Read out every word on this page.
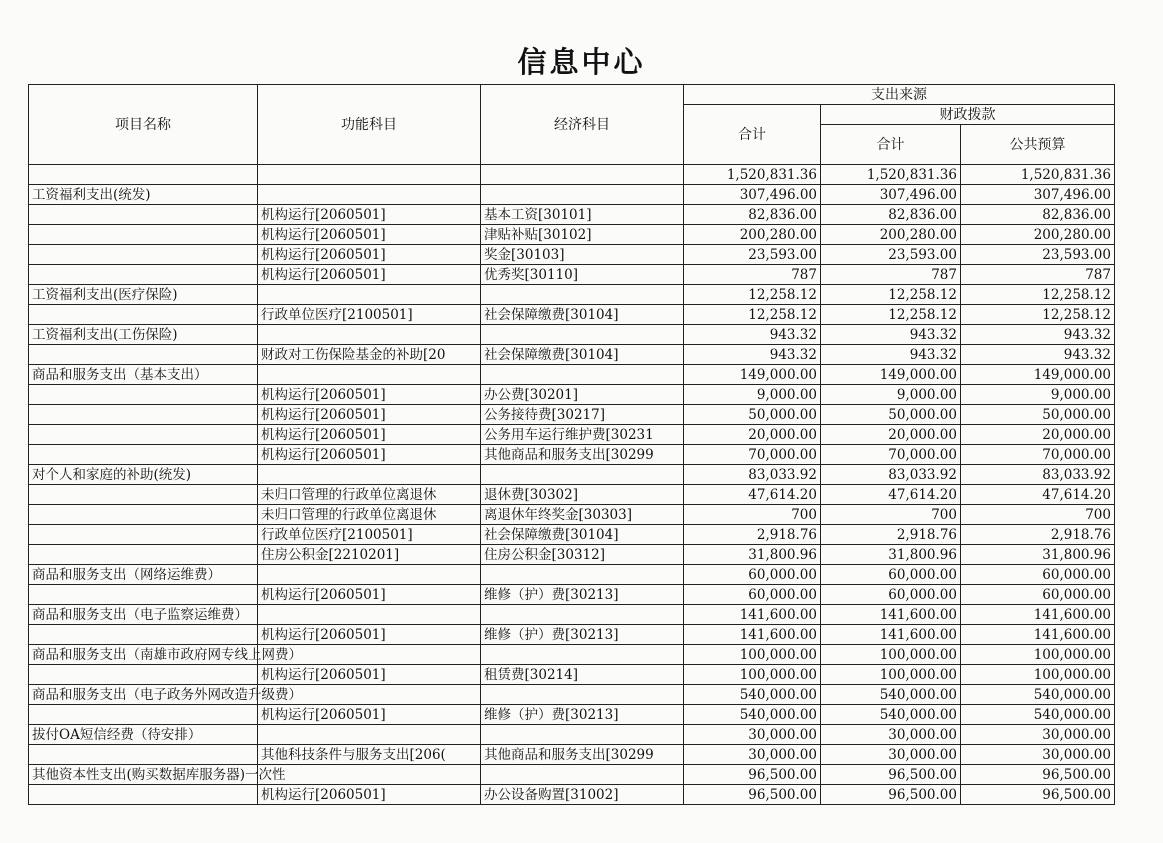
信息中心
项目名称	功能科目	经济科目	支出来源		
			合计	财政拨款	
				合计	公共预算
			1,520,831.36	1,520,831.36	1,520,831.36
工资福利支出(统发)			307,496.00	307,496.00	307,496.00
	机构运行[2060501]	基本工资[30101]	82,836.00	82,836.00	82,836.00
	机构运行[2060501]	津贴补贴[30102]	200,280.00	200,280.00	200,280.00
	机构运行[2060501]	奖金[30103]	23,593.00	23,593.00	23,593.00
	机构运行[2060501]	优秀奖[30110]	787	787	787
工资福利支出(医疗保险)			12,258.12	12,258.12	12,258.12
	行政单位医疗[2100501]	社会保障缴费[30104]	12,258.12	12,258.12	12,258.12
工资福利支出(工伤保险)			943.32	943.32	943.32
	财政对工伤保险基金的补助[20	社会保障缴费[30104]	943.32	943.32	943.32
商品和服务支出（基本支出）			149,000.00	149,000.00	149,000.00
	机构运行[2060501]	办公费[30201]	9,000.00	9,000.00	9,000.00
	机构运行[2060501]	公务接待费[30217]	50,000.00	50,000.00	50,000.00
	机构运行[2060501]	公务用车运行维护费[30231	20,000.00	20,000.00	20,000.00
	机构运行[2060501]	其他商品和服务支出[30299	70,000.00	70,000.00	70,000.00
对个人和家庭的补助(统发)			83,033.92	83,033.92	83,033.92
	未归口管理的行政单位离退休	退休费[30302]	47,614.20	47,614.20	47,614.20
	未归口管理的行政单位离退休	离退休年终奖金[30303]	700	700	700
	行政单位医疗[2100501]	社会保障缴费[30104]	2,918.76	2,918.76	2,918.76
	住房公积金[2210201]	住房公积金[30312]	31,800.96	31,800.96	31,800.96
商品和服务支出（网络运维费）			60,000.00	60,000.00	60,000.00
	机构运行[2060501]	维修（护）费[30213]	60,000.00	60,000.00	60,000.00
商品和服务支出（电子监察运维费）			141,600.00	141,600.00	141,600.00
	机构运行[2060501]	维修（护）费[30213]	141,600.00	141,600.00	141,600.00
商品和服务支出（南雄市政府网专线上网费）			100,000.00	100,000.00	100,000.00
	机构运行[2060501]	租赁费[30214]	100,000.00	100,000.00	100,000.00
商品和服务支出（电子政务外网改造升级费）			540,000.00	540,000.00	540,000.00
	机构运行[2060501]	维修（护）费[30213]	540,000.00	540,000.00	540,000.00
拔付OA短信经费（待安排）			30,000.00	30,000.00	30,000.00
	其他科技条件与服务支出[206(	其他商品和服务支出[30299	30,000.00	30,000.00	30,000.00
其他资本性支出(购买数据库服务器)一次性			96,500.00	96,500.00	96,500.00
	机构运行[2060501]	办公设备购置[31002]	96,500.00	96,500.00	96,500.00
